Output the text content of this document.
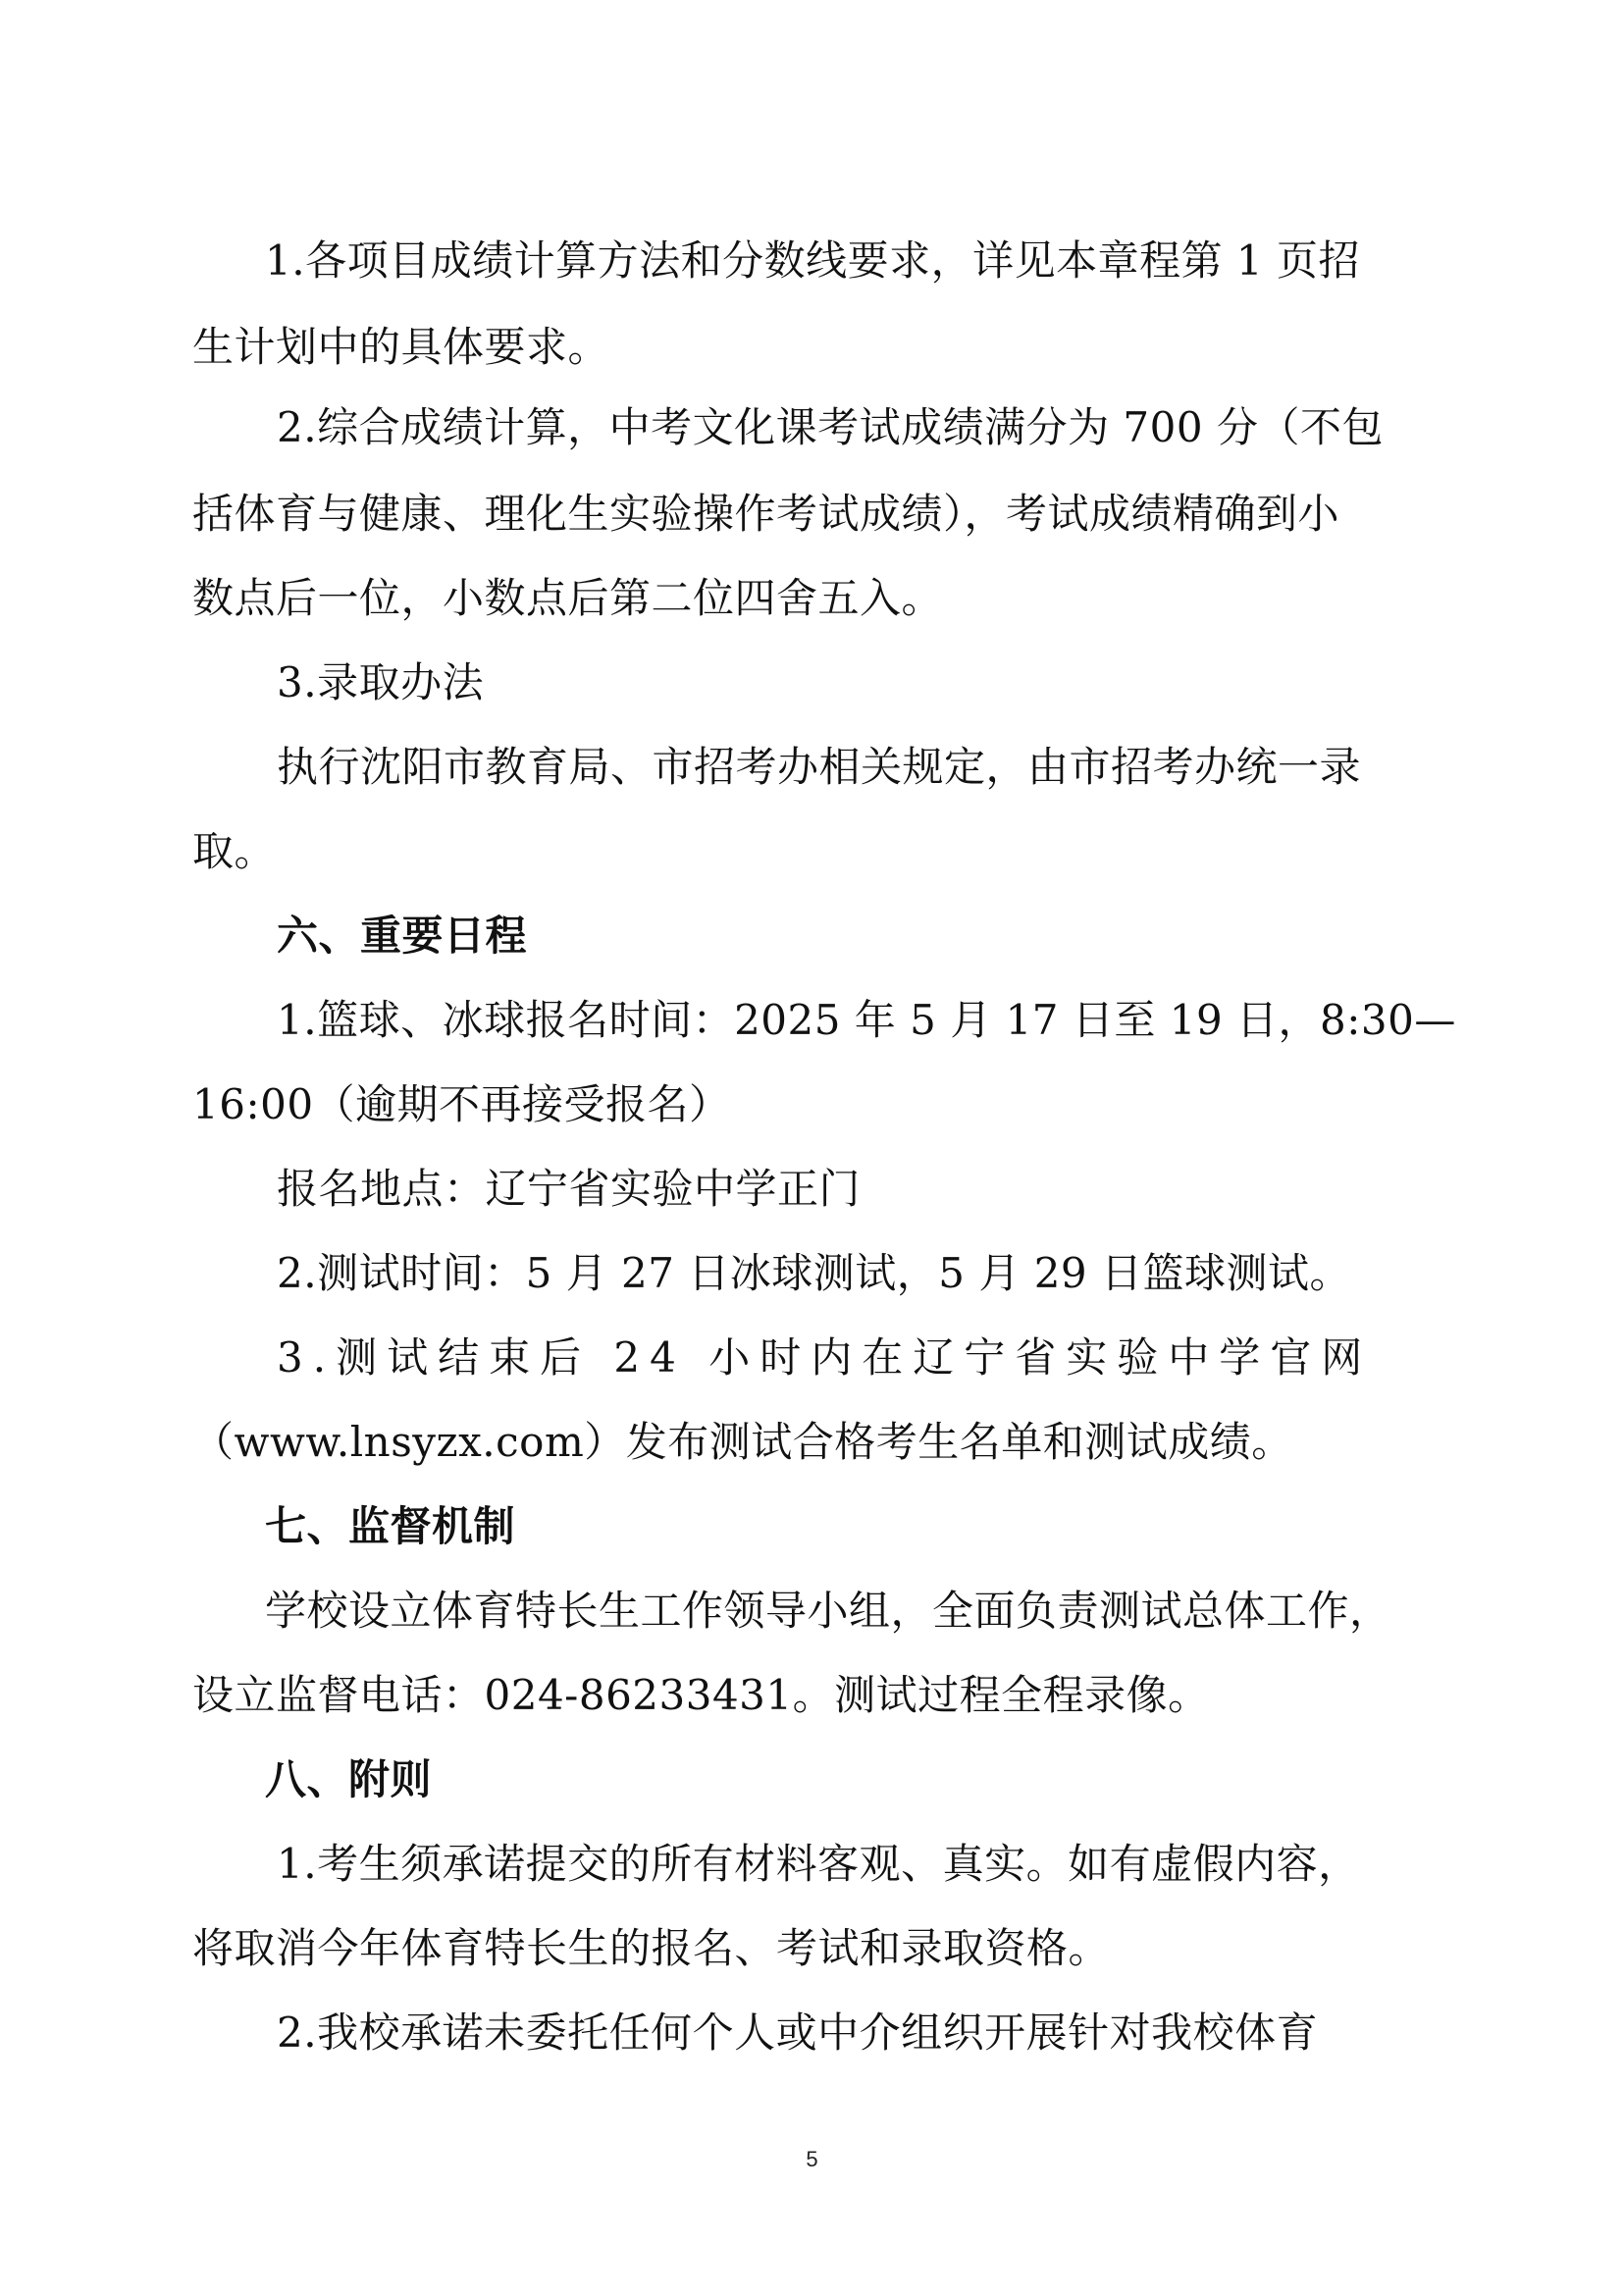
1.各项目成绩计算方法和分数线要求，详见本章程第 1 页招
生计划中的具体要求。
2.综合成绩计算，中考文化课考试成绩满分为 700 分（不包
括体育与健康、理化生实验操作考试成绩），考试成绩精确到小
数点后一位，小数点后第二位四舍五入。
3.录取办法
执行沈阳市教育局、市招考办相关规定，由市招考办统一录
取。
六、重要日程
1.篮球、冰球报名时间：2025 年 5 月 17 日至 19 日，8:30—
16:00（逾期不再接受报名）
报名地点：辽宁省实验中学正门
2.测试时间：5 月 27 日冰球测试，5 月 29 日篮球测试。
3.测试结束后 24 小时内在辽宁省实验中学官网
（www.lnsyzx.com）发布测试合格考生名单和测试成绩。
七、监督机制
学校设立体育特长生工作领导小组，全面负责测试总体工作，
设立监督电话：024-86233431。测试过程全程录像。
八、附则
1.考生须承诺提交的所有材料客观、真实。如有虚假内容，
将取消今年体育特长生的报名、考试和录取资格。
2.我校承诺未委托任何个人或中介组织开展针对我校体育
5
